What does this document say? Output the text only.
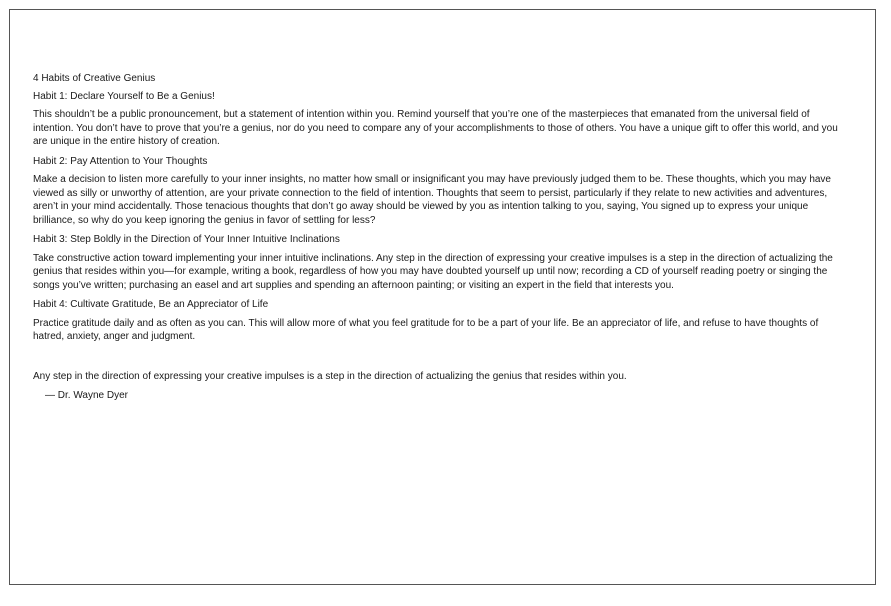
4 Habits of Creative Genius

Habit 1: Declare Yourself to Be a Genius!

This shouldn’t be a public pronouncement, but a statement of intention within you. Remind yourself that you’re one of the masterpieces that emanated from the universal field of intention. You don’t have to prove that you’re a genius, nor do you need to compare any of your accomplishments to those of others. You have a unique gift to offer this world, and you are unique in the entire history of creation.

Habit 2: Pay Attention to Your Thoughts

Make a decision to listen more carefully to your inner insights, no matter how small or insignificant you may have previously judged them to be. These thoughts, which you may have viewed as silly or unworthy of attention, are your private connection to the field of intention. Thoughts that seem to persist, particularly if they relate to new activities and adventures, aren’t in your mind accidentally. Those tenacious thoughts that don’t go away should be viewed by you as intention talking to you, saying, You signed up to express your unique brilliance, so why do you keep ignoring the genius in favor of settling for less?

Habit 3: Step Boldly in the Direction of Your Inner Intuitive Inclinations

Take constructive action toward implementing your inner intuitive inclinations. Any step in the direction of expressing your creative impulses is a step in the direction of actualizing the genius that resides within you—for example, writing a book, regardless of how you may have doubted yourself up until now; recording a CD of yourself reading poetry or singing the songs you’ve written; purchasing an easel and art supplies and spending an afternoon painting; or visiting an expert in the field that interests you.

Habit 4: Cultivate Gratitude, Be an Appreciator of Life

Practice gratitude daily and as often as you can. This will allow more of what you feel gratitude for to be a part of your life. Be an appreciator of life, and refuse to have thoughts of hatred, anxiety, anger and judgment.

Any step in the direction of expressing your creative impulses is a step in the direction of actualizing the genius that resides within you.

— Dr. Wayne Dyer
